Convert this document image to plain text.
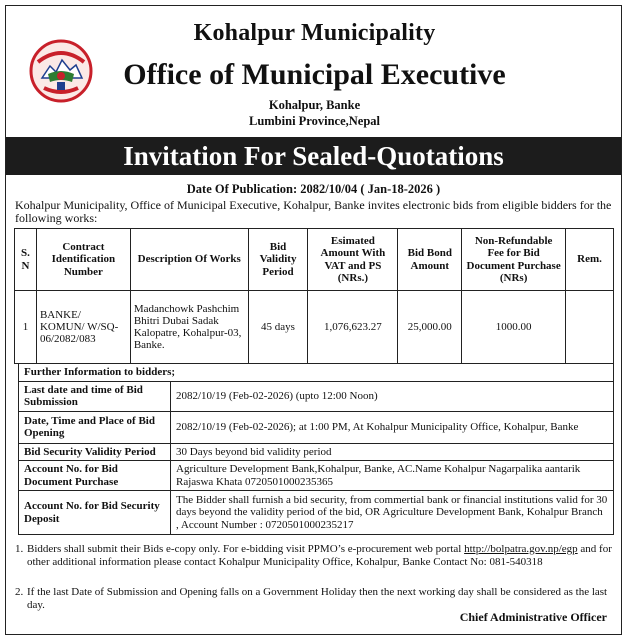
Kohalpur Municipality
Office of Municipal Executive
Kohalpur, Banke
Lumbini Province,Nepal
Invitation For Sealed-Quotations
Date Of Publication: 2082/10/04 ( Jan-18-2026 )
Kohalpur Municipality, Office of Municipal Executive, Kohalpur, Banke invites electronic bids from eligible bidders for the following works:
S. N	Contract Identification Number	Description Of Works	Bid Validity Period	Esimated Amount With VAT and PS (NRs.)	Bid Bond Amount	Non-Refundable Fee for Bid Document Purchase (NRs)	Rem.
1	BANKE/ KOMUN/ W/SQ-06/2082/083	Madanchowk Pashchim Bhitri Dubai Sadak Kalopatre, Kohalpur-03, Banke.	45 days	1,076,623.27	25,000.00	1000.00	
Further Information to bidders;	
Last date and time of Bid Submission	2082/10/19 (Feb-02-2026) (upto 12:00 Noon)
Date, Time and Place of Bid Opening	2082/10/19 (Feb-02-2026); at 1:00 PM, At Kohalpur Municipality Office, Kohalpur, Banke
Bid Security Validity Period	30 Days beyond bid validity period
Account No. for Bid Document Purchase	Agriculture Development Bank,Kohalpur, Banke, AC.Name Kohalpur Nagarpalika aantarik Rajaswa Khata 0720501000235365
Account No. for Bid Security Deposit	The Bidder shall furnish a bid security, from commertial bank or financial institutions valid for 30 days beyond the validity period of the bid, OR Agriculture Development Bank, Kohalpur Branch , Account Number : 0720501000235217
1. Bidders shall submit their Bids e-copy only. For e-bidding visit PPMO’s e-procurement web portal http://bolpatra.gov.np/egp and for other additional information please contact Kohalpur Municipality Office, Kohalpur, Banke Contact No: 081-540318
2. If the last Date of Submission and Opening falls on a Government Holiday then the next working day shall be considered as the last day.
Chief Administrative Officer
